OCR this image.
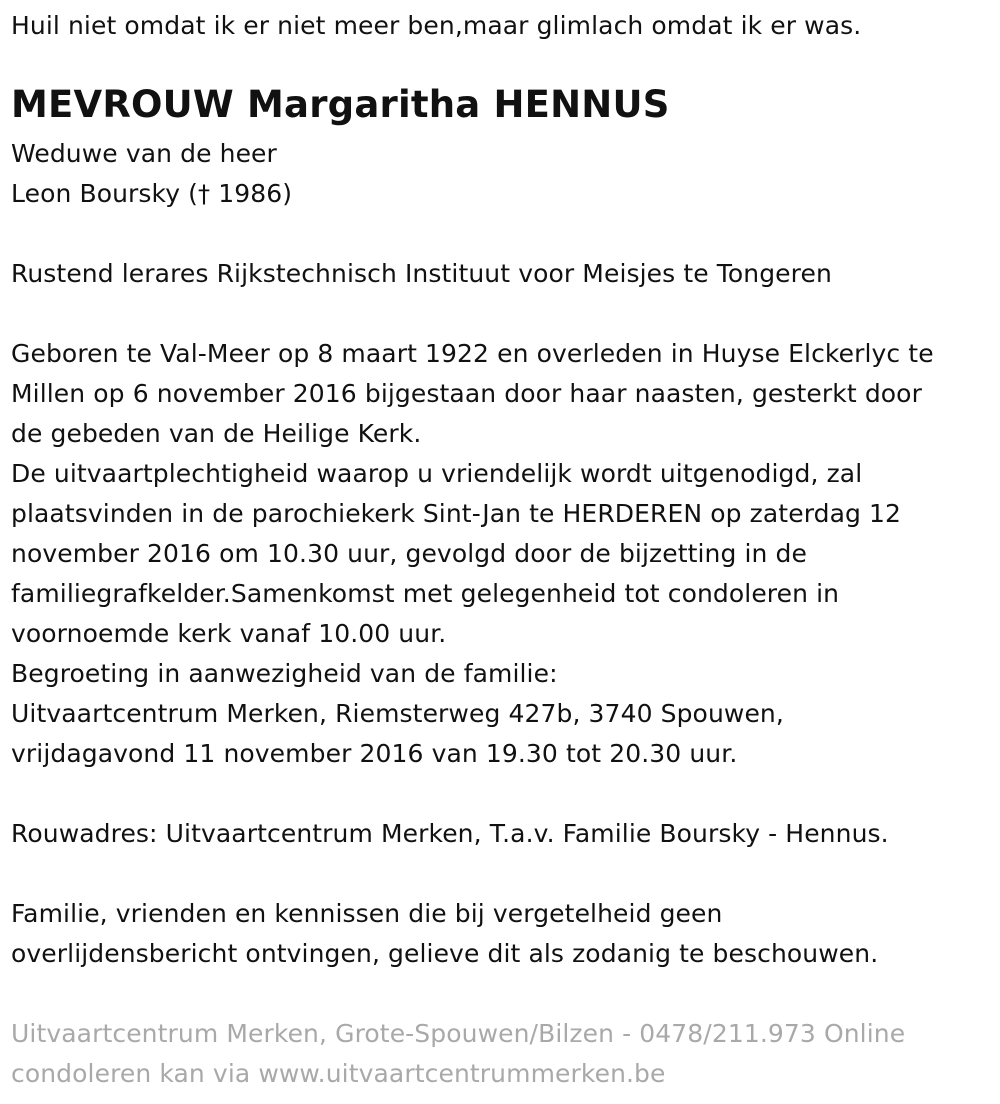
Huil niet omdat ik er niet meer ben,maar glimlach omdat ik er was.
MEVROUW Margaritha HENNUS
Weduwe van de heer
Leon Boursky († 1986)
Rustend lerares Rijkstechnisch Instituut voor Meisjes te Tongeren
Geboren te Val-Meer op 8 maart 1922 en overleden in Huyse Elckerlyc te
Millen op 6 november 2016 bijgestaan door haar naasten, gesterkt door
de gebeden van de Heilige Kerk.
De uitvaartplechtigheid waarop u vriendelijk wordt uitgenodigd, zal
plaatsvinden in de parochiekerk Sint-Jan te HERDEREN op zaterdag 12
november 2016 om 10.30 uur, gevolgd door de bijzetting in de
familiegrafkelder.Samenkomst met gelegenheid tot condoleren in
voornoemde kerk vanaf 10.00 uur.
Begroeting in aanwezigheid van de familie:
Uitvaartcentrum Merken, Riemsterweg 427b, 3740 Spouwen,
vrijdagavond 11 november 2016 van 19.30 tot 20.30 uur.
Rouwadres: Uitvaartcentrum Merken, T.a.v. Familie Boursky - Hennus.
Familie, vrienden en kennissen die bij vergetelheid geen
overlijdensbericht ontvingen, gelieve dit als zodanig te beschouwen.
Uitvaartcentrum Merken, Grote-Spouwen/Bilzen - 0478/211.973 Online
condoleren kan via www.uitvaartcentrummerken.be
